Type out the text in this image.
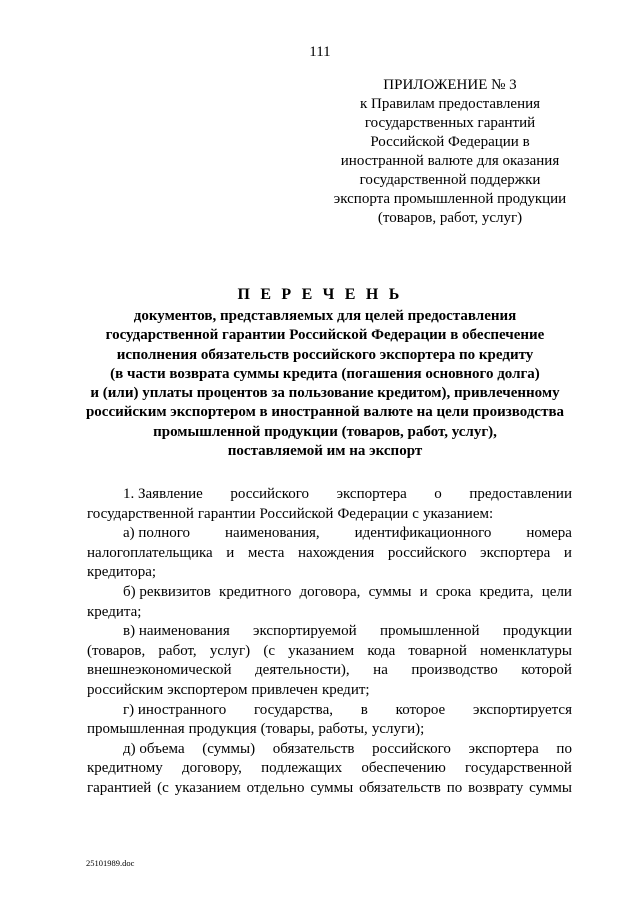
111
ПРИЛОЖЕНИЕ № 3
к Правилам предоставления
государственных гарантий
Российской Федерации в
иностранной валюте для оказания
государственной поддержки
экспорта промышленной продукции
(товаров, работ, услуг)
П Е Р Е Ч Е Н Ь
документов, представляемых для целей предоставления
государственной гарантии Российской Федерации в обеспечение
исполнения обязательств российского экспортера по кредиту
(в части возврата суммы кредита (погашения основного долга)
и (или) уплаты процентов за пользование кредитом), привлеченному
российским экспортером в иностранной валюте на цели производства
промышленной продукции (товаров, работ, услуг),
поставляемой им на экспорт
1. Заявление российского экспортера о предоставлении
государственной гарантии Российской Федерации с указанием:
а) полного наименования, идентификационного номера
налогоплательщика и места нахождения российского экспортера и
кредитора;
б) реквизитов кредитного договора, суммы и срока кредита, цели
кредита;
в) наименования экспортируемой промышленной продукции
(товаров, работ, услуг) (с указанием кода товарной номенклатуры
внешнеэкономической деятельности), на производство которой
российским экспортером привлечен кредит;
г) иностранного государства, в которое экспортируется
промышленная продукция (товары, работы, услуги);
д) объема (суммы) обязательств российского экспортера по
кредитному договору, подлежащих обеспечению государственной
гарантией (с указанием отдельно суммы обязательств по возврату суммы
25101989.doc
